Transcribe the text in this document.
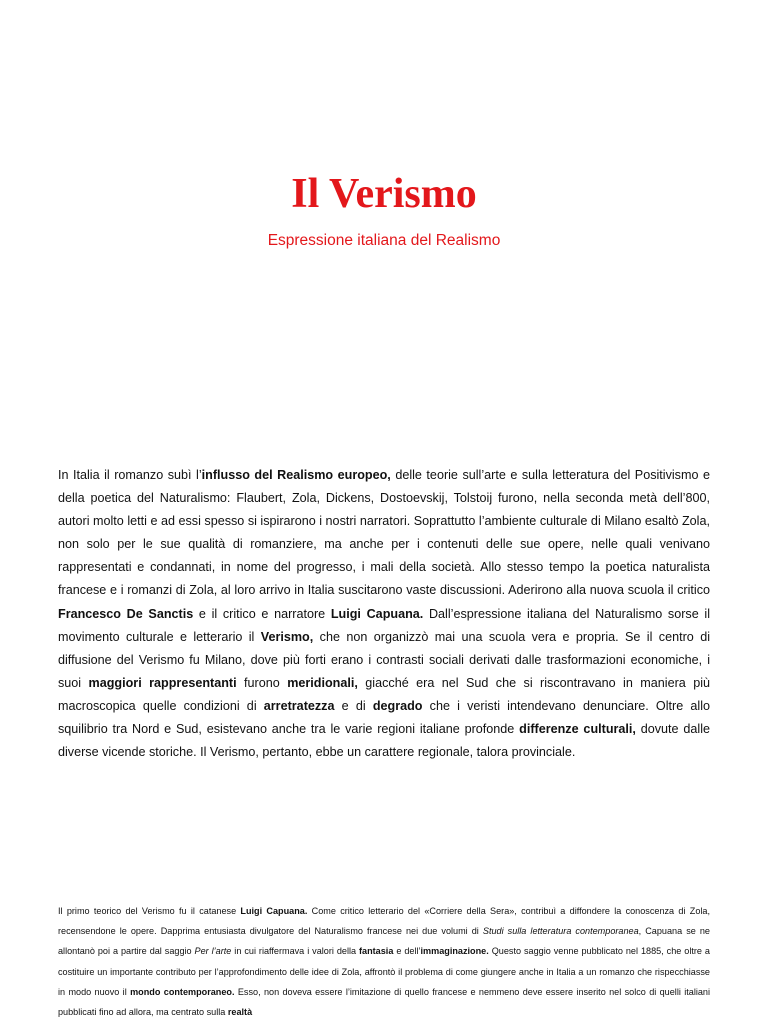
Il Verismo

Espressione italiana del Realismo

In Italia il romanzo subì l’influsso del Realismo europeo, delle teorie sull’arte e sulla letteratura del Positivismo e della poetica del Naturalismo: Flaubert, Zola, Dickens, Dostoevskij, Tolstoij furono, nella seconda metà dell’800, autori molto letti e ad essi spesso si ispirarono i nostri narratori. Soprattutto l’ambiente culturale di Milano esaltò Zola, non solo per le sue qualità di romanziere, ma anche per i contenuti delle sue opere, nelle quali venivano rappresentati e condannati, in nome del progresso, i mali della società. Allo stesso tempo la poetica naturalista francese e i romanzi di Zola, al loro arrivo in Italia suscitarono vaste discussioni. Aderirono alla nuova scuola il critico Francesco De Sanctis e il critico e narratore Luigi Capuana. Dall’espressione italiana del Naturalismo sorse il movimento culturale e letterario il Verismo, che non organizzò mai una scuola vera e propria. Se il centro di diffusione del Verismo fu Milano, dove più forti erano i contrasti sociali derivati dalle trasformazioni economiche, i suoi maggiori rappresentanti furono meridionali, giacché era nel Sud che si riscontravano in maniera più macroscopica quelle condizioni di arretratezza e di degrado che i veristi intendevano denunciare. Oltre allo squilibrio tra Nord e Sud, esistevano anche tra le varie regioni italiane profonde differenze culturali, dovute dalle diverse vicende storiche. Il Verismo, pertanto, ebbe un carattere regionale, talora provinciale.

Il primo teorico del Verismo fu il catanese Luigi Capuana. Come critico letterario del «Corriere della Sera», contribuì a diffondere la conoscenza di Zola, recensendone le opere. Dapprima entusiasta divulgatore del Naturalismo francese nei due volumi di Studi sulla letteratura contemporanea, Capuana se ne allontanò poi a partire dal saggio Per l’arte in cui riaffermava i valori della fantasia e dell’immaginazione. Questo saggio venne pubblicato nel 1885, che oltre a costituire un importante contributo per l’approfondimento delle idee di Zola, affrontò il problema di come giungere anche in Italia a un romanzo che rispecchiasse in modo nuovo il mondo contemporaneo. Esso, non doveva essere l’imitazione di quello francese e nemmeno deve essere inserito nel solco di quelli italiani pubblicati fino ad allora, ma centrato sulla realtà
